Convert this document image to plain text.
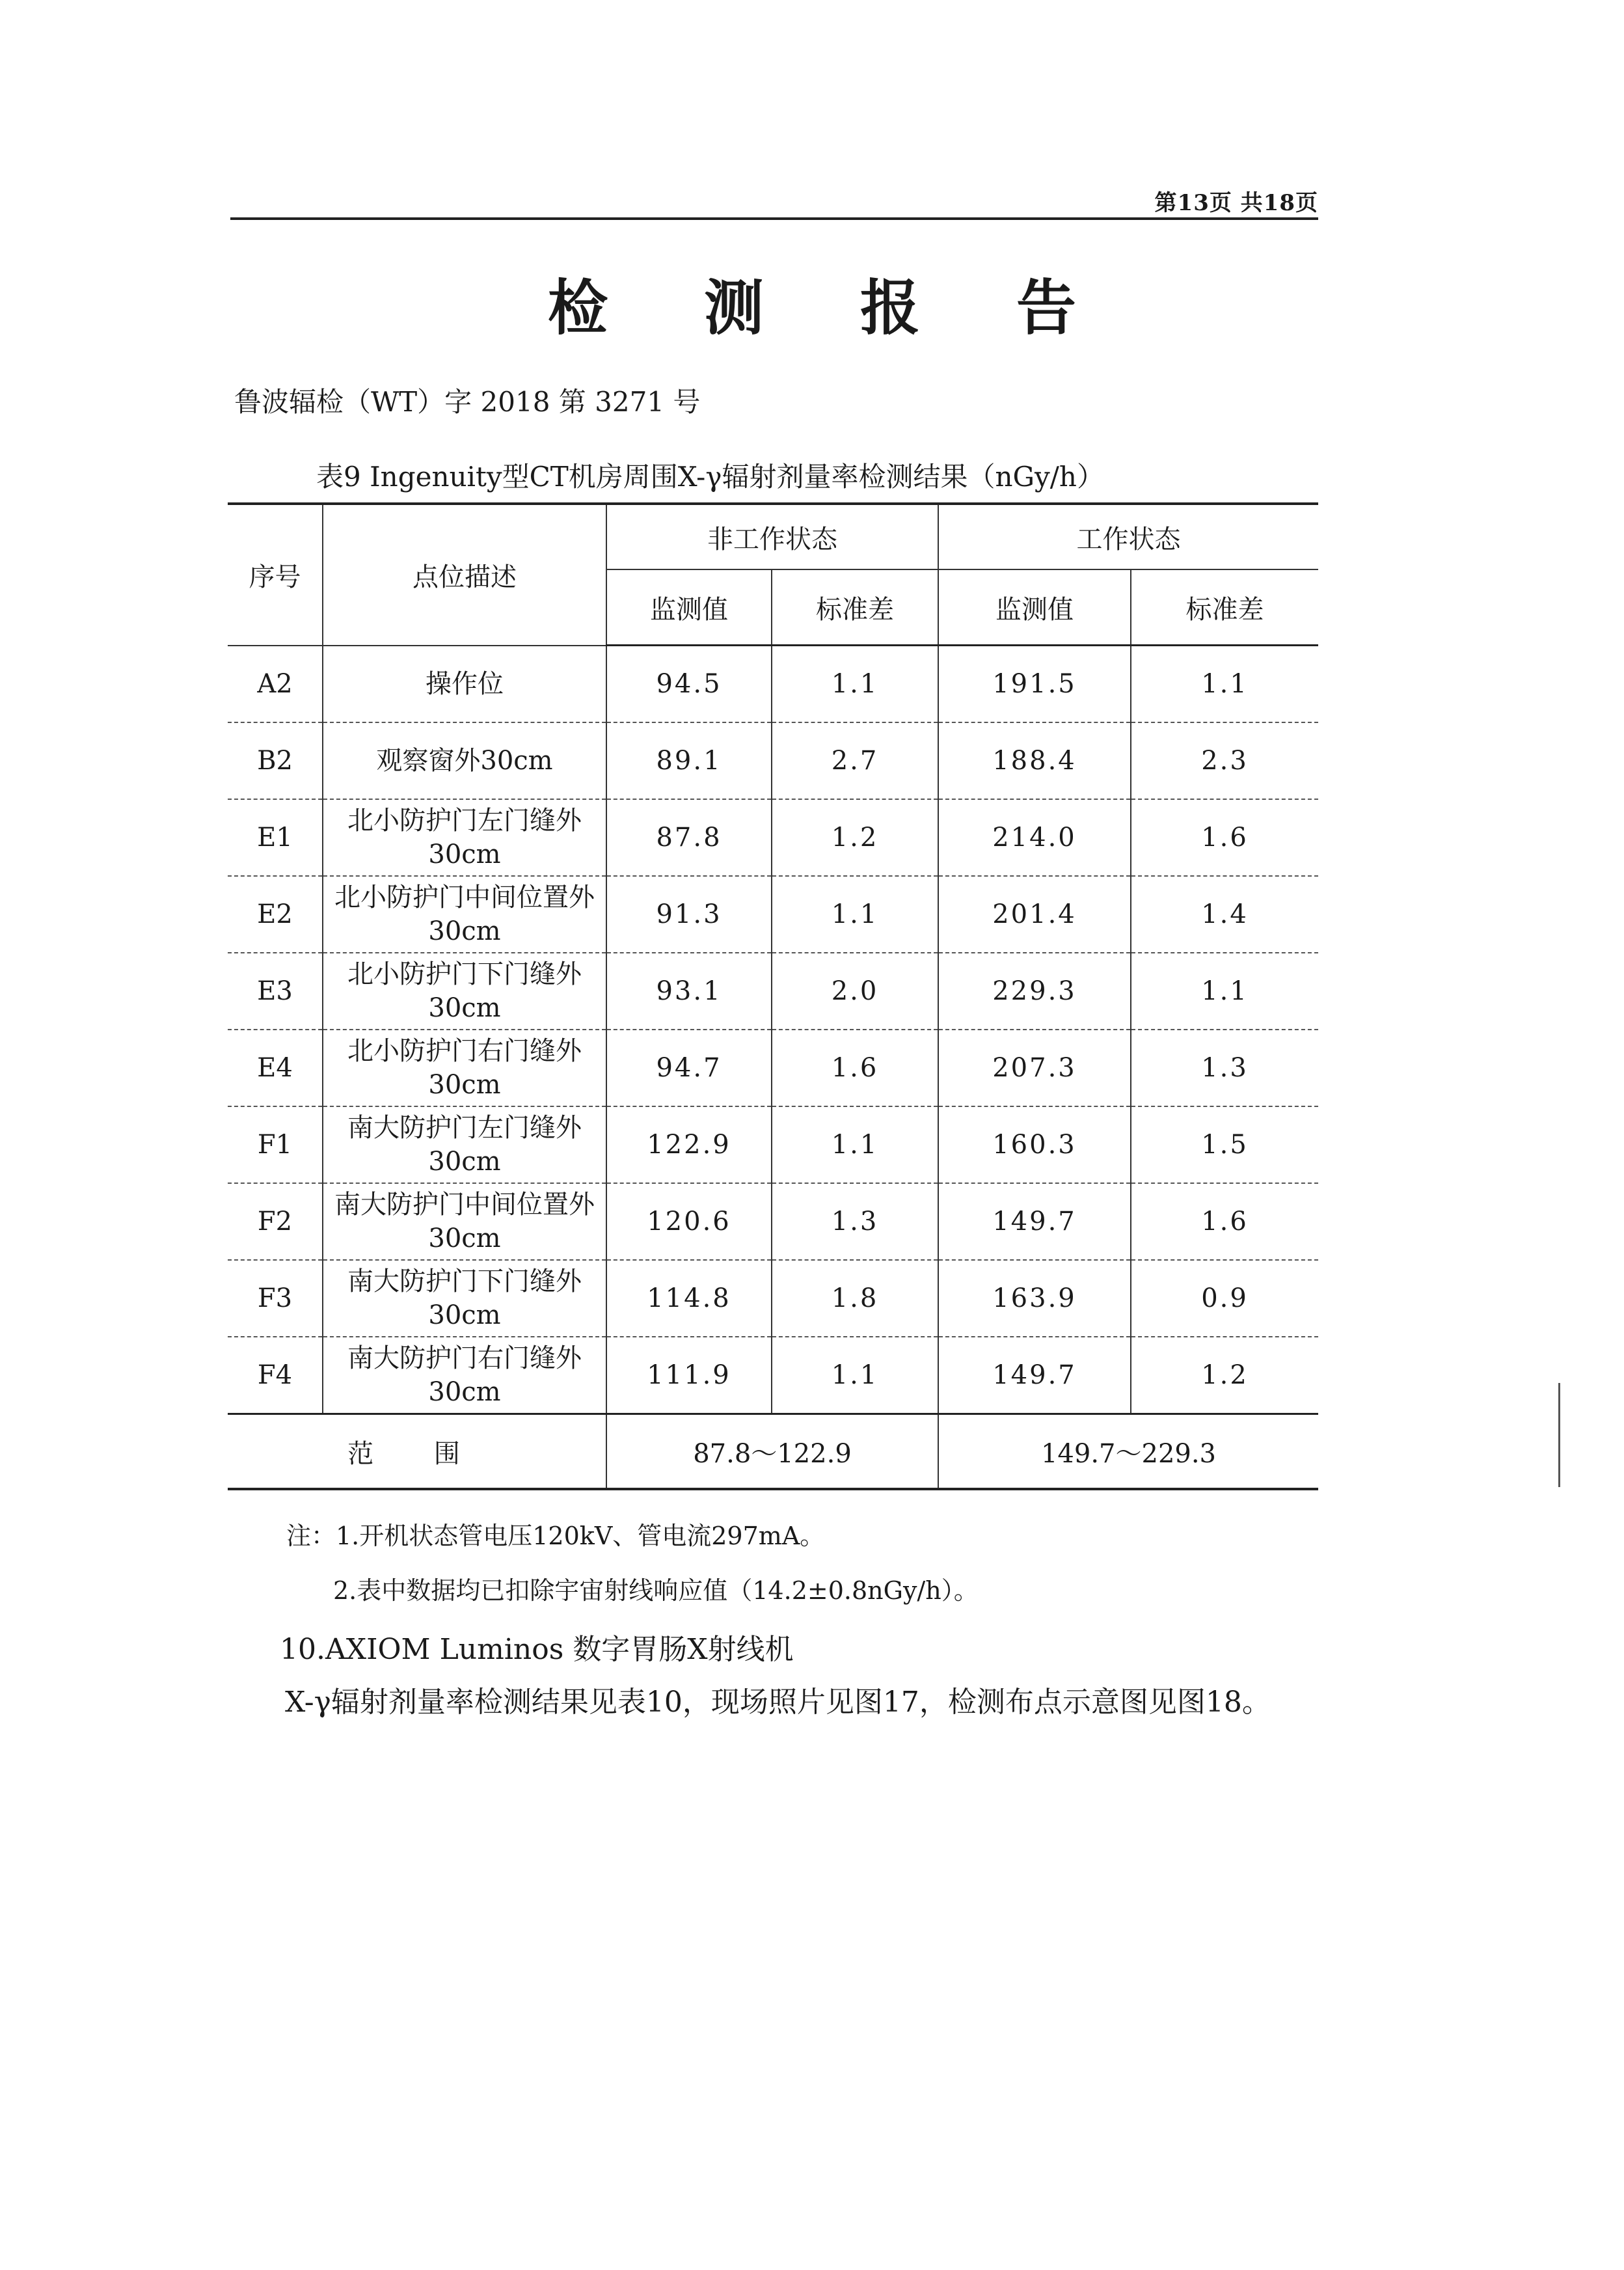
第13页 共18页
检 测 报 告
鲁波辐检（WT）字 2018 第 3271 号
表9 Ingenuity型CT机房周围X-γ辐射剂量率检测结果（nGy/h）
序号	点位描述	非工作状态		工作状态	
		监测值	标准差	监测值	标准差
A2	操作位	94.5	1.1	191.5	1.1
B2	观察窗外30cm	89.1	2.7	188.4	2.3
E1	北小防护门左门缝外30cm	87.8	1.2	214.0	1.6
E2	北小防护门中间位置外30cm	91.3	1.1	201.4	1.4
E3	北小防护门下门缝外30cm	93.1	2.0	229.3	1.1
E4	北小防护门右门缝外30cm	94.7	1.6	207.3	1.3
F1	南大防护门左门缝外30cm	122.9	1.1	160.3	1.5
F2	南大防护门中间位置外30cm	120.6	1.3	149.7	1.6
F3	南大防护门下门缝外30cm	114.8	1.8	163.9	0.9
F4	南大防护门右门缝外30cm	111.9	1.1	149.7	1.2
范 围		87.8～122.9		149.7～229.3	
注：1.开机状态管电压120kV、管电流297mA。
2.表中数据均已扣除宇宙射线响应值（14.2±0.8nGy/h）。
10.AXIOM Luminos 数字胃肠X射线机
X-γ辐射剂量率检测结果见表10，现场照片见图17，检测布点示意图见图18。
